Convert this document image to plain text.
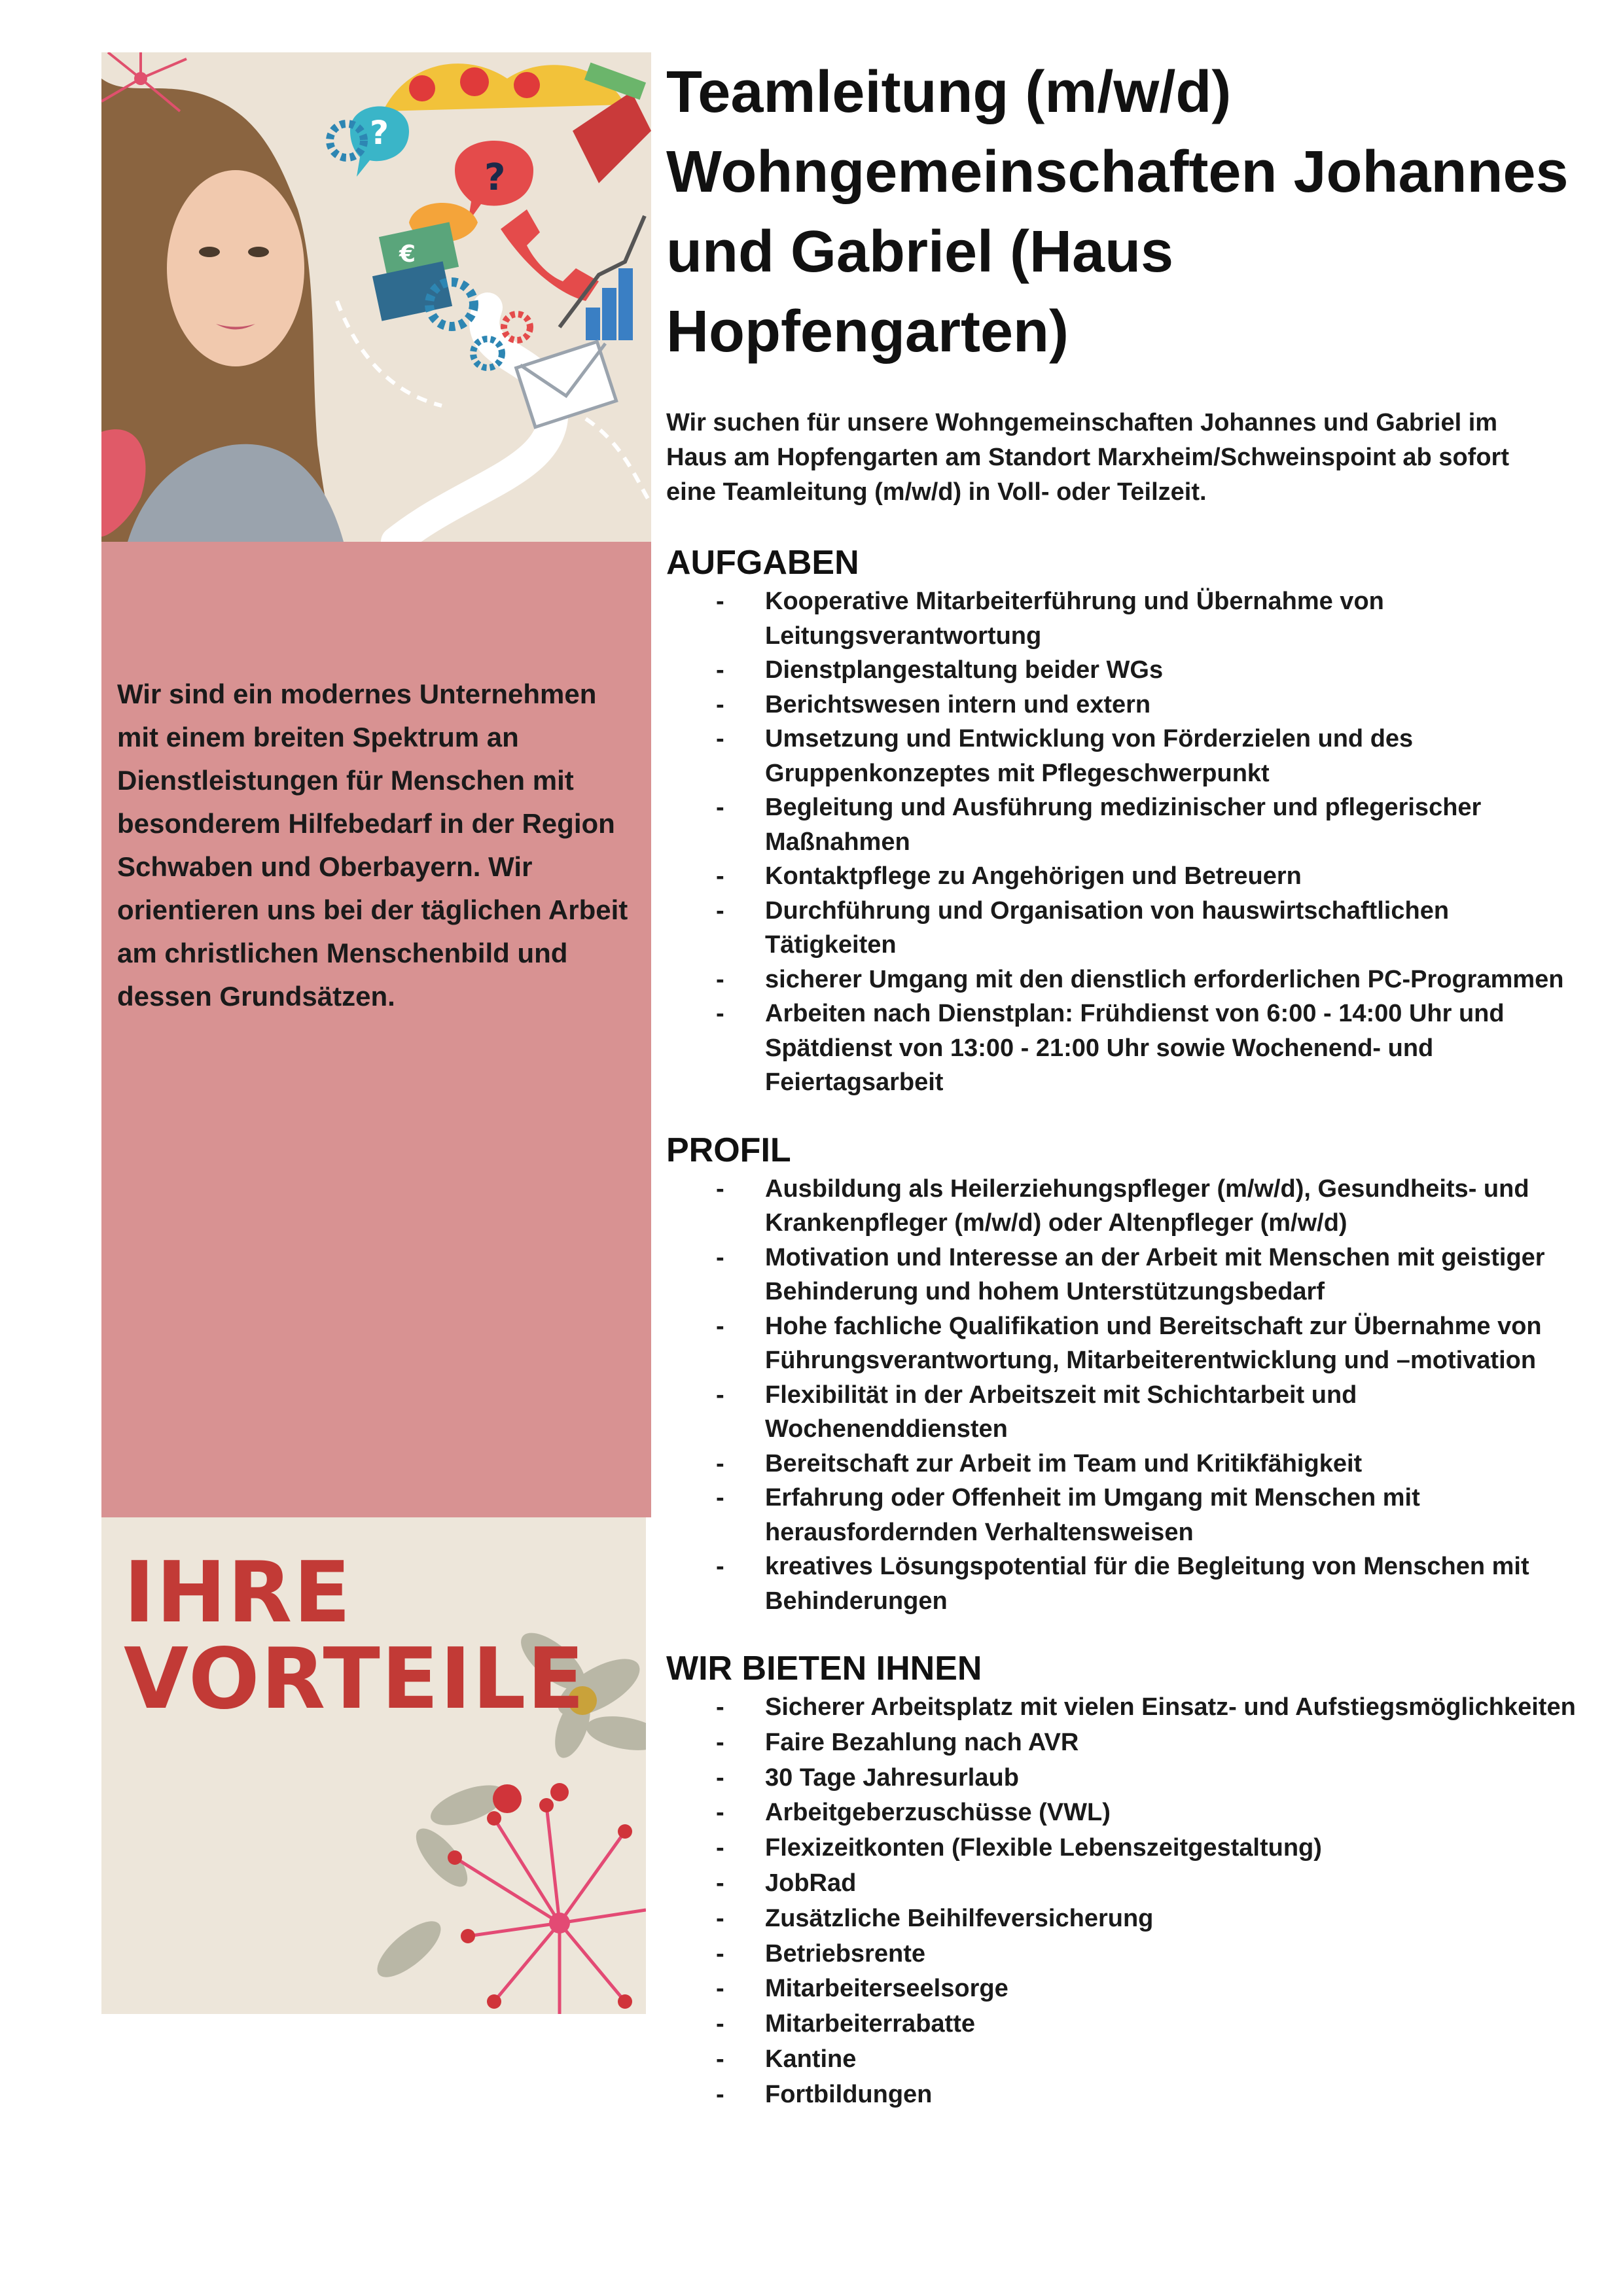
?
?
€

Wir sind ein modernes Unternehmen mit einem breiten Spektrum an Dienstleistungen für Menschen mit besonderem Hilfebedarf in der Region Schwaben und Oberbayern. Wir orientieren uns bei der täglichen Arbeit am christlichen Menschenbild und dessen Grundsätzen.

IHRE
VORTEILE
Teamleitung (m/w/d)
Wohngemeinschaften Johannes
und Gabriel (Haus Hopfengarten)

Wir suchen für unsere Wohngemeinschaften Johannes und Gabriel im Haus am Hopfengarten am Standort Marxheim/Schweinspoint ab sofort eine Teamleitung (m/w/d) in Voll- oder Teilzeit.

AUFGABEN
- Kooperative Mitarbeiterführung und Übernahme von Leitungsverantwortung
- Dienstplangestaltung beider WGs
- Berichtswesen intern und extern
- Umsetzung und Entwicklung von Förderzielen und des Gruppenkonzeptes mit Pflegeschwerpunkt
- Begleitung und Ausführung medizinischer und pflegerischer Maßnahmen
- Kontaktpflege zu Angehörigen und Betreuern
- Durchführung und Organisation von hauswirtschaftlichen Tätigkeiten
- sicherer Umgang mit den dienstlich erforderlichen PC-Programmen
- Arbeiten nach Dienstplan: Frühdienst von 6:00 - 14:00 Uhr und Spätdienst von 13:00 - 21:00 Uhr sowie Wochenend- und Feiertagsarbeit
PROFIL
- Ausbildung als Heilerziehungspfleger (m/w/d), Gesundheits- und Krankenpfleger (m/w/d) oder Altenpfleger (m/w/d)
- Motivation und Interesse an der Arbeit mit Menschen mit geistiger Behinderung und hohem Unterstützungsbedarf
- Hohe fachliche Qualifikation und Bereitschaft zur Übernahme von Führungsverantwortung, Mitarbeiterentwicklung und –motivation
- Flexibilität in der Arbeitszeit mit Schichtarbeit und Wochenenddiensten
- Bereitschaft zur Arbeit im Team und Kritikfähigkeit
- Erfahrung oder Offenheit im Umgang mit Menschen mit herausfordernden Verhaltensweisen
- kreatives Lösungspotential für die Begleitung von Menschen mit Behinderungen
WIR BIETEN IHNEN
- Sicherer Arbeitsplatz mit vielen Einsatz- und Aufstiegsmöglichkeiten
- Faire Bezahlung nach AVR
- 30 Tage Jahresurlaub
- Arbeitgeberzuschüsse (VWL)
- Flexizeitkonten (Flexible Lebenszeitgestaltung)
- JobRad
- Zusätzliche Beihilfeversicherung
- Betriebsrente
- Mitarbeiterseelsorge
- Mitarbeiterrabatte
- Kantine
- Fortbildungen
